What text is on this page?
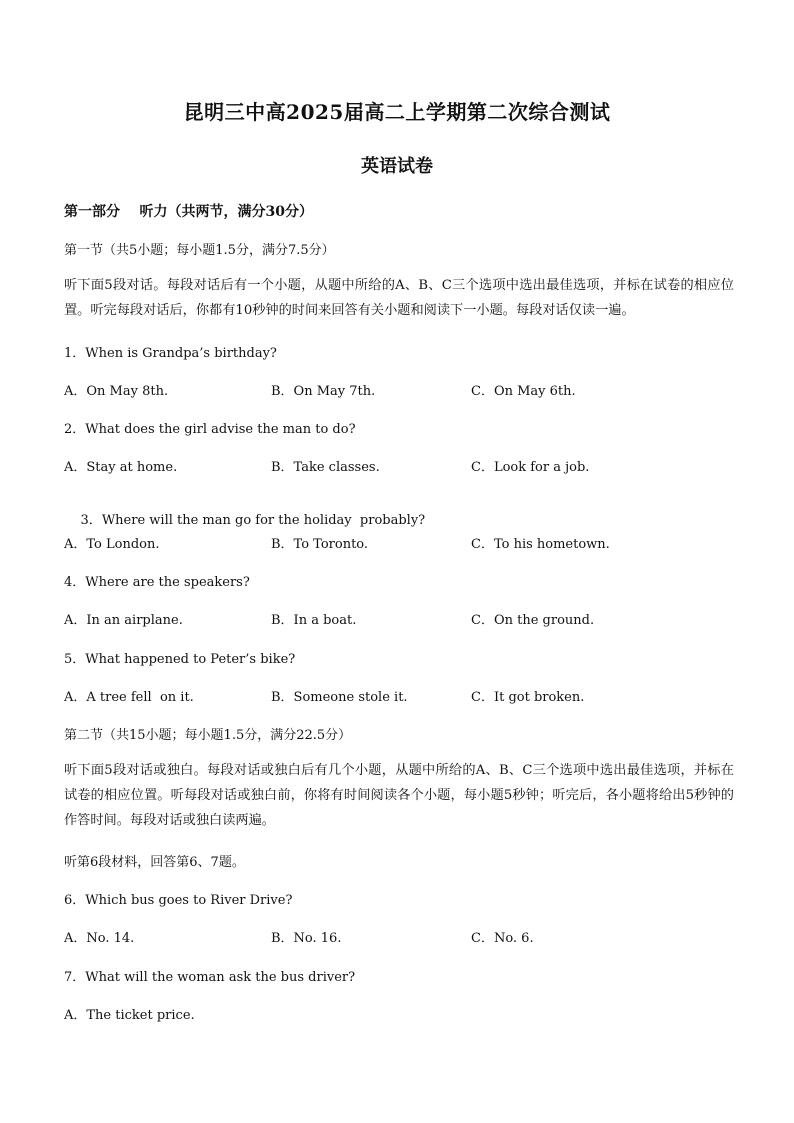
昆明三中高2025届高二上学期第二次综合测试
英语试卷
第一部分    听力（共两节，满分30分）
第一节（共5小题；每小题1.5分，满分7.5分）
听下面5段对话。每段对话后有一个小题，从题中所给的A、B、C三个选项中选出最佳选项，并标在试卷的相应位置。听完每段对话后，你都有10秒钟的时间来回答有关小题和阅读下一小题。每段对话仅读一遍。
1．When is Grandpa’s birthday?
A．On May 8th.	B．On May 7th.	C．On May 6th.
2．What does the girl advise the man to do?
A．Stay at home.	B．Take classes.	C．Look for a job.

3．Where will the man go for the holiday  probably?

A．To London.	B．To Toronto.	C．To his hometown.
4．Where are the speakers?
A．In an airplane.	B．In a boat.	C．On the ground.
5．What happened to Peter’s bike?
A．A tree fell  on it.	B．Someone stole it.	C．It got broken.
第二节（共15小题；每小题1.5分，满分22.5分）
听下面5段对话或独白。每段对话或独白后有几个小题，从题中所给的A、B、C三个选项中选出最佳选项，并标在试卷的相应位置。听每段对话或独白前，你将有时间阅读各个小题，每小题5秒钟；听完后，各小题将给出5秒钟的作答时间。每段对话或独白读两遍。
听第6段材料，回答第6、7题。
6．Which bus goes to River Drive?
A．No. 14.	B．No. 16.	C．No. 6.
7．What will the woman ask the bus driver?
A．The ticket price.
